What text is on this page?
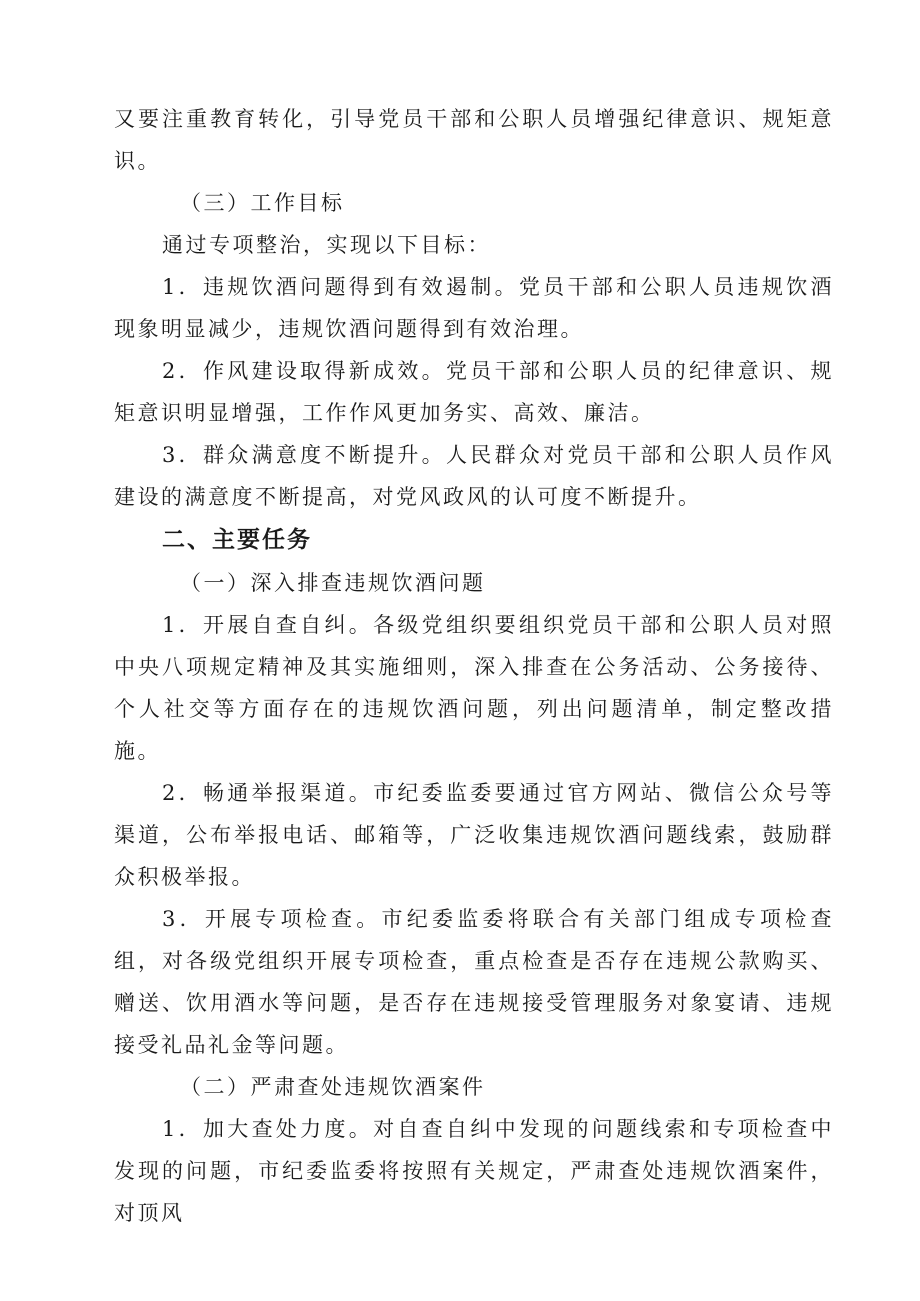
又要注重教育转化，引导党员干部和公职人员增强纪律意识、规矩意识。

（三）工作目标

通过专项整治，实现以下目标：

1．违规饮酒问题得到有效遏制。党员干部和公职人员违规饮酒现象明显减少，违规饮酒问题得到有效治理。

2．作风建设取得新成效。党员干部和公职人员的纪律意识、规矩意识明显增强，工作作风更加务实、高效、廉洁。

3．群众满意度不断提升。人民群众对党员干部和公职人员作风建设的满意度不断提高，对党风政风的认可度不断提升。

二、主要任务

（一）深入排查违规饮酒问题

1．开展自查自纠。各级党组织要组织党员干部和公职人员对照中央八项规定精神及其实施细则，深入排查在公务活动、公务接待、个人社交等方面存在的违规饮酒问题，列出问题清单，制定整改措施。

2．畅通举报渠道。市纪委监委要通过官方网站、微信公众号等渠道，公布举报电话、邮箱等，广泛收集违规饮酒问题线索，鼓励群众积极举报。

3．开展专项检查。市纪委监委将联合有关部门组成专项检查组，对各级党组织开展专项检查，重点检查是否存在违规公款购买、赠送、饮用酒水等问题，是否存在违规接受管理服务对象宴请、违规接受礼品礼金等问题。

（二）严肃查处违规饮酒案件

1．加大查处力度。对自查自纠中发现的问题线索和专项检查中发现的问题，市纪委监委将按照有关规定，严肃查处违规饮酒案件，对顶风
